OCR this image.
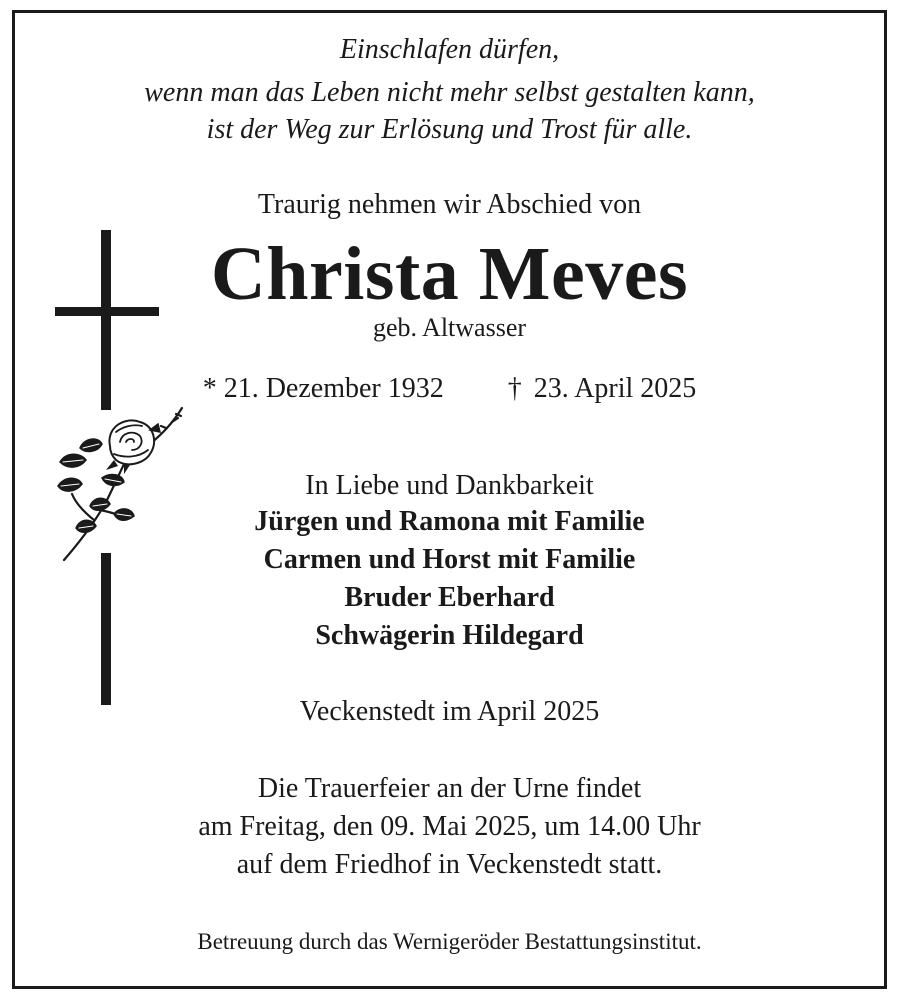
Einschlafen dürfen,
wenn man das Leben nicht mehr selbst gestalten kann,
ist der Weg zur Erlösung und Trost für alle.
Traurig nehmen wir Abschied von
Christa Meves
geb. Altwasser
* 21. Dezember 1932 † 23. April 2025
In Liebe und Dankbarkeit
Jürgen und Ramona mit Familie
Carmen und Horst mit Familie
Bruder Eberhard
Schwägerin Hildegard
Veckenstedt im April 2025
Die Trauerfeier an der Urne findet
am Freitag, den 09. Mai 2025, um 14.00 Uhr
auf dem Friedhof in Veckenstedt statt.
Betreuung durch das Wernigeröder Bestattungsinstitut.
